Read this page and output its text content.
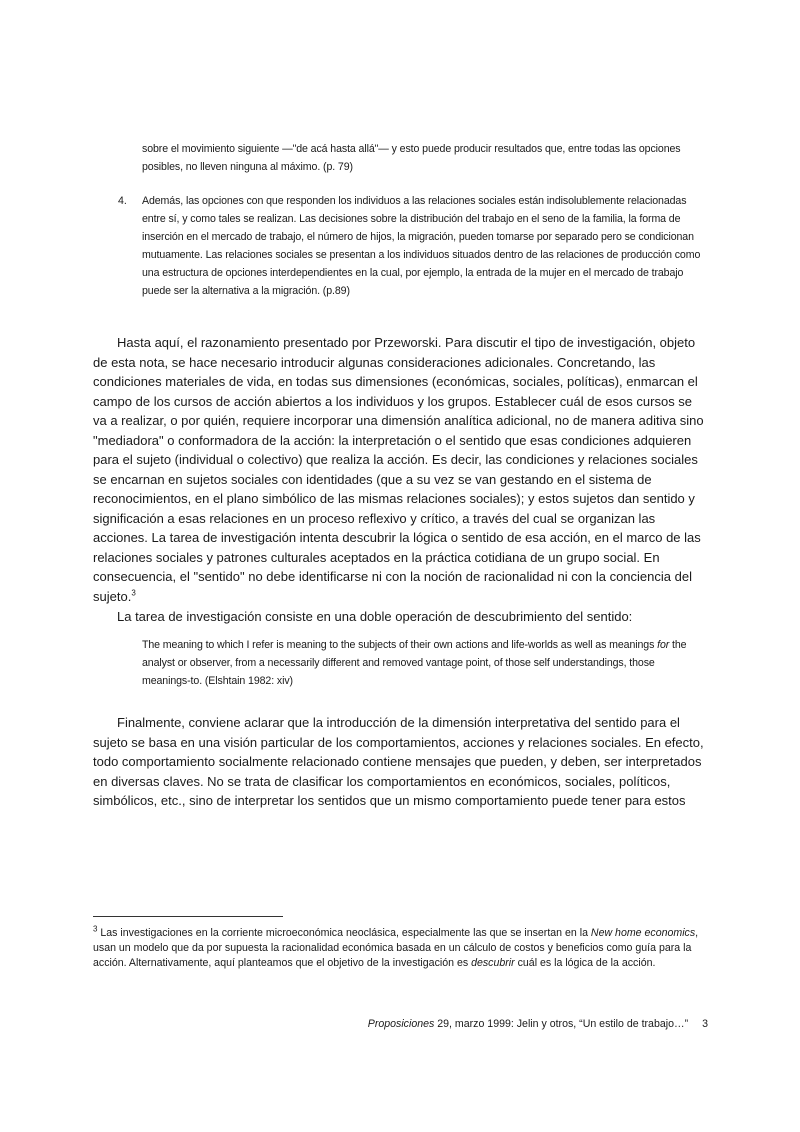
sobre el movimiento siguiente —"de acá hasta allá"— y esto puede producir resultados que, entre todas las opciones posibles, no lleven ninguna al máximo. (p. 79)
4. Además, las opciones con que responden los individuos a las relaciones sociales están indisolublemente relacionadas entre sí, y como tales se realizan. Las decisiones sobre la distribución del trabajo en el seno de la familia, la forma de inserción en el mercado de trabajo, el número de hijos, la migración, pueden tomarse por separado pero se condicionan mutuamente. Las relaciones sociales se presentan a los individuos situados dentro de las relaciones de producción como una estructura de opciones interdependientes en la cual, por ejemplo, la entrada de la mujer en el mercado de trabajo puede ser la alternativa a la migración. (p.89)

Hasta aquí, el razonamiento presentado por Przeworski. Para discutir el tipo de investigación, objeto de esta nota, se hace necesario introducir algunas consideraciones adicionales. Concretando, las condiciones materiales de vida, en todas sus dimensiones (económicas, sociales, políticas), enmarcan el campo de los cursos de acción abiertos a los individuos y los grupos. Establecer cuál de esos cursos se va a realizar, o por quién, requiere incorporar una dimensión analítica adicional, no de manera aditiva sino "mediadora" o conformadora de la acción: la interpretación o el sentido que esas condiciones adquieren para el sujeto (individual o colectivo) que realiza la acción. Es decir, las condiciones y relaciones sociales se encarnan en sujetos sociales con identidades (que a su vez se van gestando en el sistema de reconocimientos, en el plano simbólico de las mismas relaciones sociales); y estos sujetos dan sentido y significación a esas relaciones en un proceso reflexivo y crítico, a través del cual se organizan las acciones. La tarea de investigación intenta descubrir la lógica o sentido de esa acción, en el marco de las relaciones sociales y patrones culturales aceptados en la práctica cotidiana de un grupo social. En consecuencia, el "sentido" no debe identificarse ni con la noción de racionalidad ni con la conciencia del sujeto.$^3$

La tarea de investigación consiste en una doble operación de descubrimiento del sentido:

The meaning to which I refer is meaning to the subjects of their own actions and life-worlds as well as meanings for the analyst or observer, from a necessarily different and removed vantage point, of those self understandings, those meanings-to. (Elshtain 1982: xiv)

Finalmente, conviene aclarar que la introducción de la dimensión interpretativa del sentido para el sujeto se basa en una visión particular de los comportamientos, acciones y relaciones sociales. En efecto, todo comportamiento socialmente relacionado contiene mensajes que pueden, y deben, ser interpretados en diversas claves. No se trata de clasificar los comportamientos en económicos, sociales, políticos, simbólicos, etc., sino de interpretar los sentidos que un mismo comportamiento puede tener para estos

$^3$ Las investigaciones en la corriente microeconómica neoclásica, especialmente las que se insertan en la New home economics, usan un modelo que da por supuesta la racionalidad económica basada en un cálculo de costos y beneficios como guía para la acción. Alternativamente, aquí planteamos que el objetivo de la investigación es descubrir cuál es la lógica de la acción.
Proposiciones 29, marzo 1999: Jelin y otros, “Un estilo de trabajo…” 3
